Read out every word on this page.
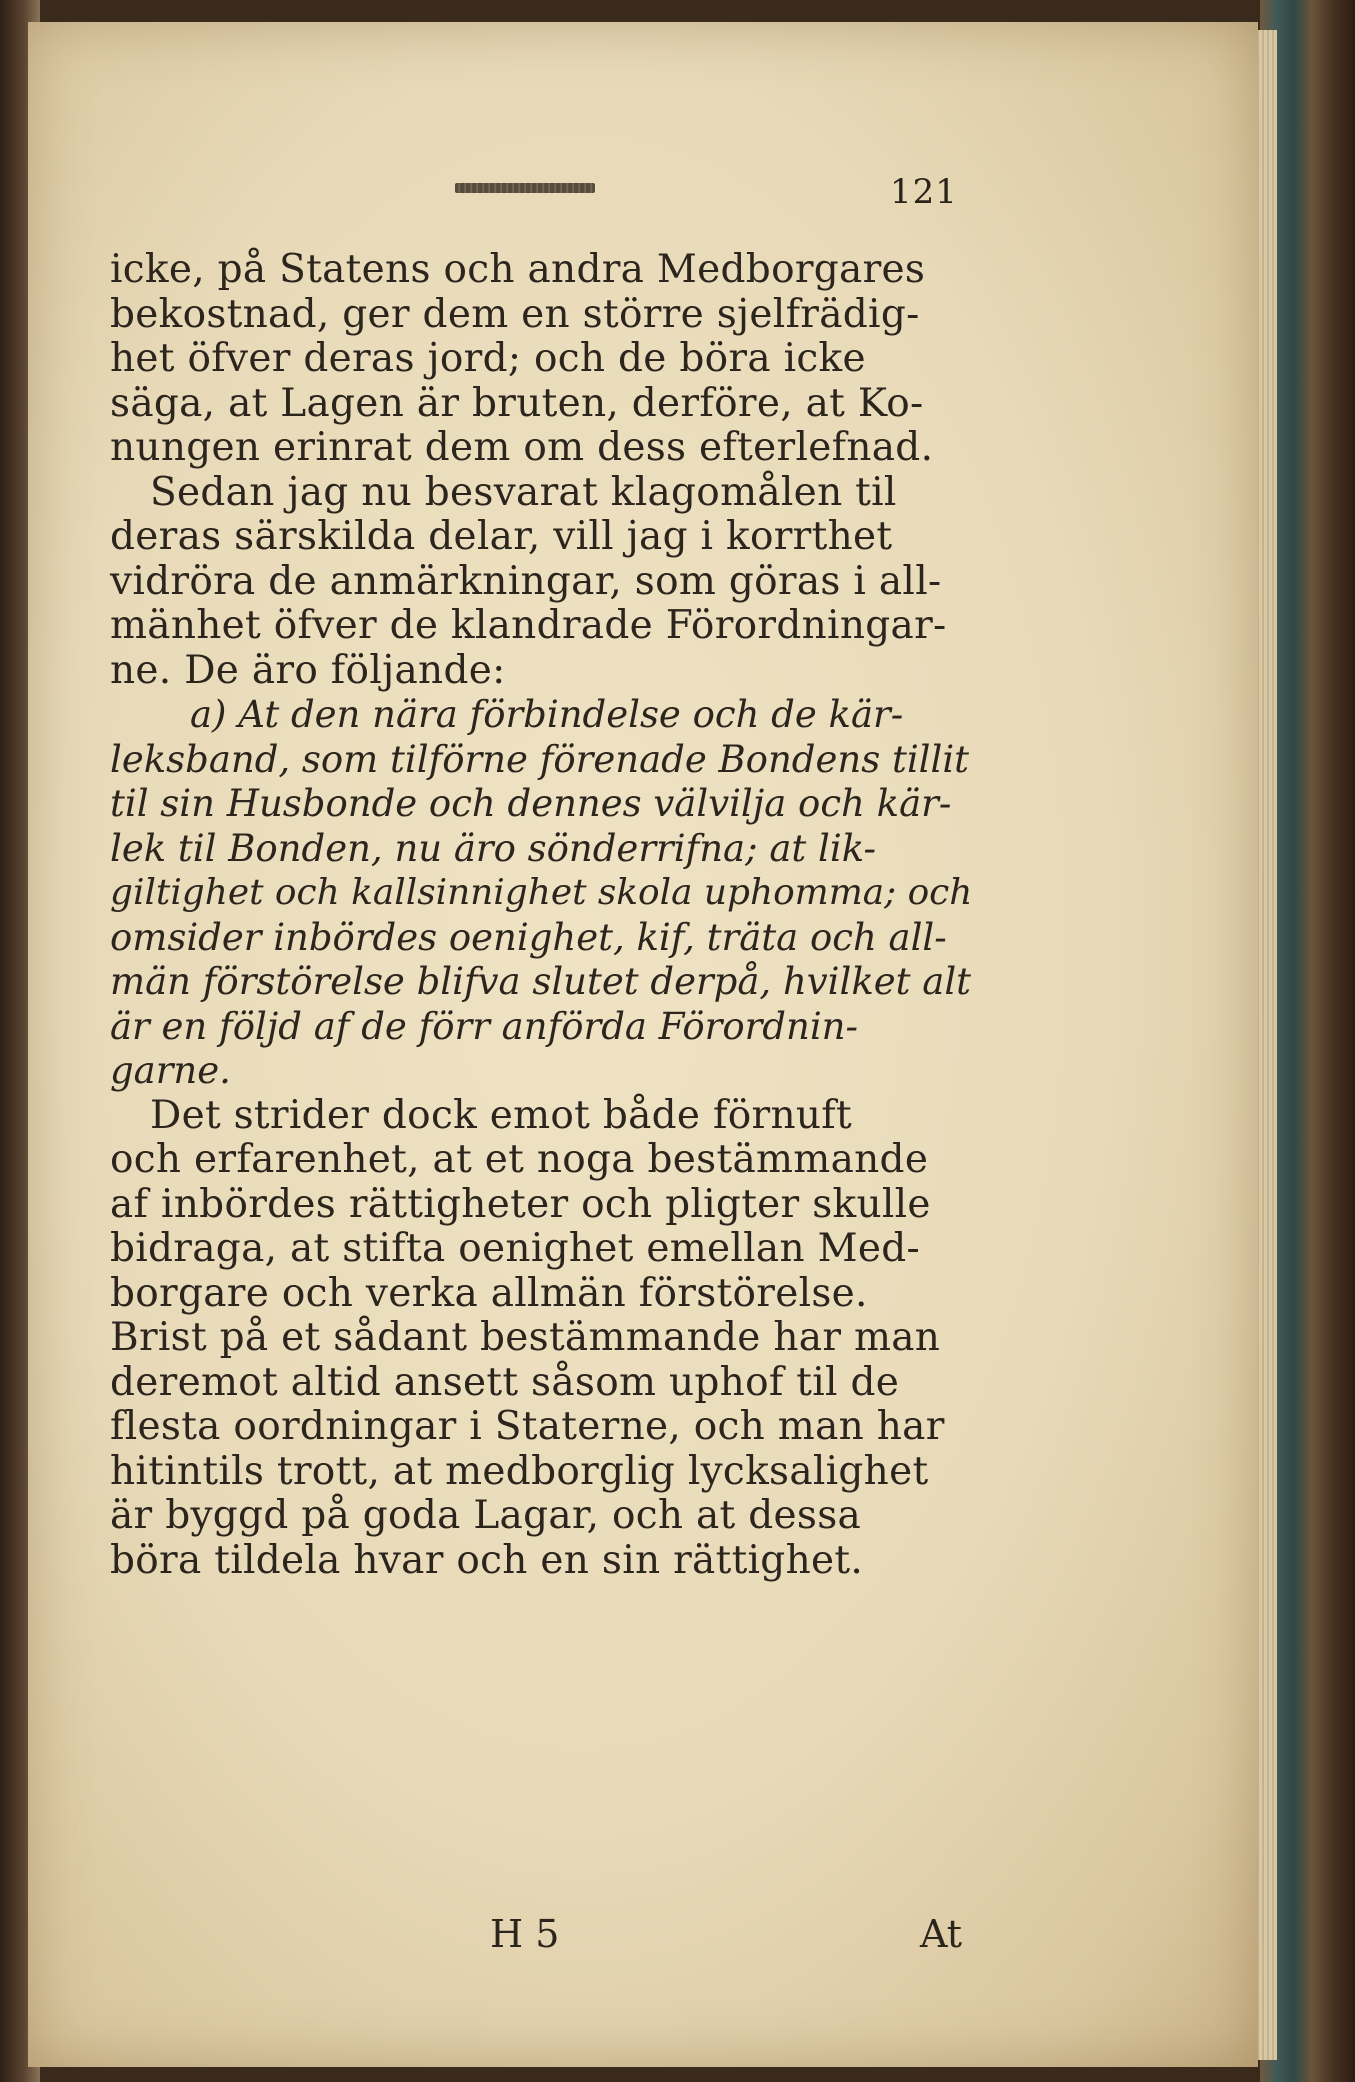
121
icke, på Statens och andra Medborgares
bekostnad, ger dem en större sjelfrädig-
het öfver deras jord; och de böra icke
säga, at Lagen är bruten, derföre, at Ko-
nungen erinrat dem om dess efterlefnad.
Sedan jag nu besvarat klagomålen til
deras särskilda delar, vill jag i korrthet
vidröra de anmärkningar, som göras i all-
mänhet öfver de klandrade Förordningar-
ne. De äro följande:
a) At den nära förbindelse och de kär-
leksband, som tilförne förenade Bondens tillit
til sin Husbonde och dennes välvilja och kär-
lek til Bonden, nu äro sönderrifna; at lik-
giltighet och kallsinnighet skola uphomma; och
omsider inbördes oenighet, kif, träta och all-
män förstörelse blifva slutet derpå, hvilket alt
är en följd af de förr anförda Förordnin-
garne.
Det strider dock emot både förnuft
och erfarenhet, at et noga bestämmande
af inbördes rättigheter och pligter skulle
bidraga, at stifta oenighet emellan Med-
borgare och verka allmän förstörelse.
Brist på et sådant bestämmande har man
deremot altid ansett såsom uphof til de
flesta oordningar i Staterne, och man har
hitintils trott, at medborglig lycksalighet
är byggd på goda Lagar, och at dessa
böra tildela hvar och en sin rättighet.
H 5	At
